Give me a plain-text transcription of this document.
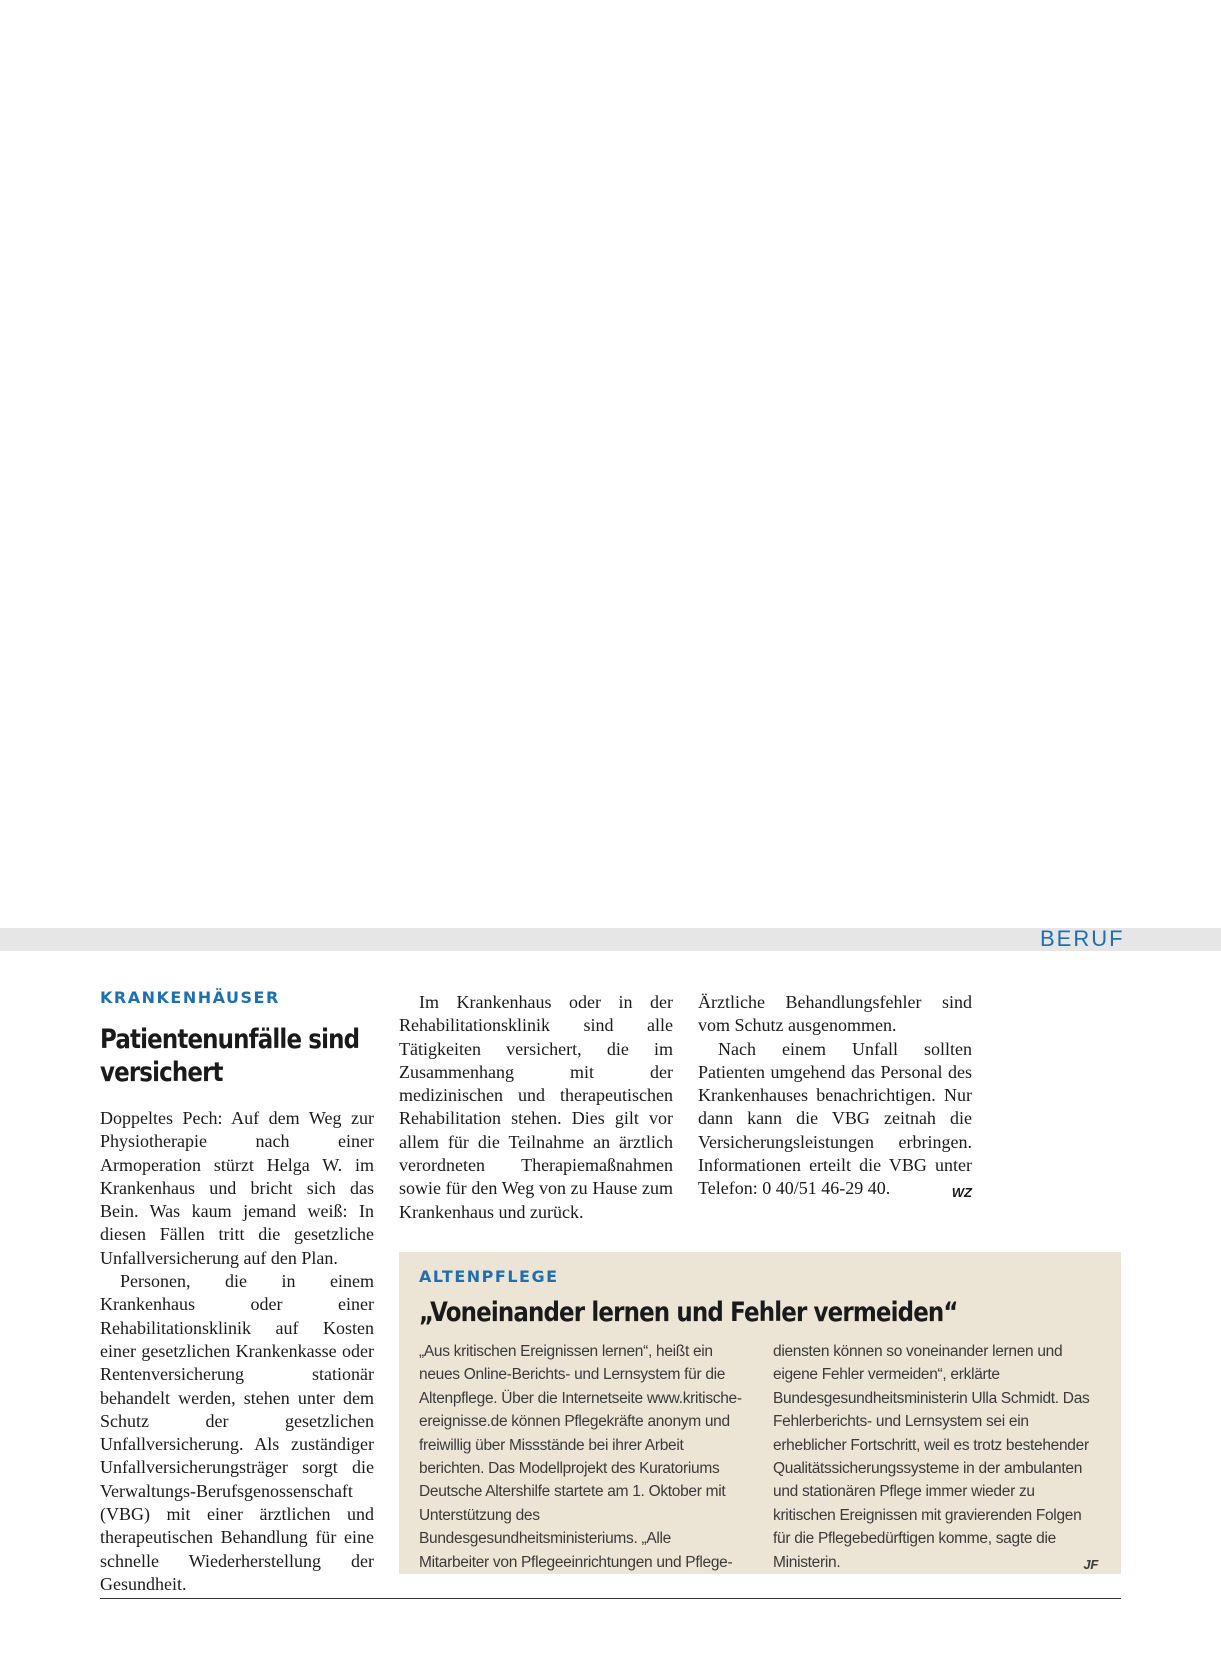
BERUF
KRANKENHÄUSER
Patientenunfälle sind
versichert

Doppeltes Pech: Auf dem Weg zur Physiotherapie nach einer Armoperation stürzt Helga W. im Krankenhaus und bricht sich das Bein. Was kaum jemand weiß: In diesen Fällen tritt die gesetzliche Unfallversicherung auf den Plan.

Personen, die in einem Krankenhaus oder einer Rehabilitationsklinik auf Kosten einer gesetzlichen Krankenkasse oder Rentenversicherung stationär behandelt werden, stehen unter dem Schutz der gesetzlichen Unfallversicherung. Als zuständiger Unfallversicherungsträger sorgt die Verwaltungs-Berufsgenossenschaft (VBG) mit einer ärztlichen und therapeutischen Behandlung für eine schnelle Wiederherstellung der Gesundheit.

Im Krankenhaus oder in der Rehabilitationsklinik sind alle Tätigkeiten versichert, die im Zusammenhang mit der medizinischen und therapeutischen Rehabilitation stehen. Dies gilt vor allem für die Teilnahme an ärztlich verordneten Therapiemaßnahmen sowie für den Weg von zu Hause zum Krankenhaus und zurück.

Ärztliche Behandlungsfehler sind vom Schutz ausgenommen.

Nach einem Unfall sollten Patienten umgehend das Personal des Krankenhauses benachrichtigen. Nur dann kann die VBG zeitnah die Versicherungsleistungen erbringen. Informationen erteilt die VBG unter Telefon: 0 40/51 46-29 40.	WZ

ALTENPFLEGE
„Voneinander lernen und Fehler vermeiden“

„Aus kritischen Ereignissen lernen“, heißt ein neues Online-Berichts- und Lernsystem für die Altenpflege. Über die Internetseite www.kritische-ereignisse.de können Pflegekräfte anonym und freiwillig über Missstände bei ihrer Arbeit berichten. Das Modellprojekt des Kuratoriums Deutsche Altershilfe startete am 1. Oktober mit Unterstützung des Bundesgesundheitsministeriums. „Alle Mitarbeiter von Pflegeeinrichtungen und Pflege-

diensten können so voneinander lernen und eigene Fehler vermeiden“, erklärte Bundesgesundheitsministerin Ulla Schmidt. Das Fehlerberichts- und Lernsystem sei ein erheblicher Fortschritt, weil es trotz bestehender Qualitätssicherungssysteme in der ambulanten und stationären Pflege immer wieder zu kritischen Ereignissen mit gravierenden Folgen für die Pflegebedürftigen komme, sagte die Ministerin.	JF
